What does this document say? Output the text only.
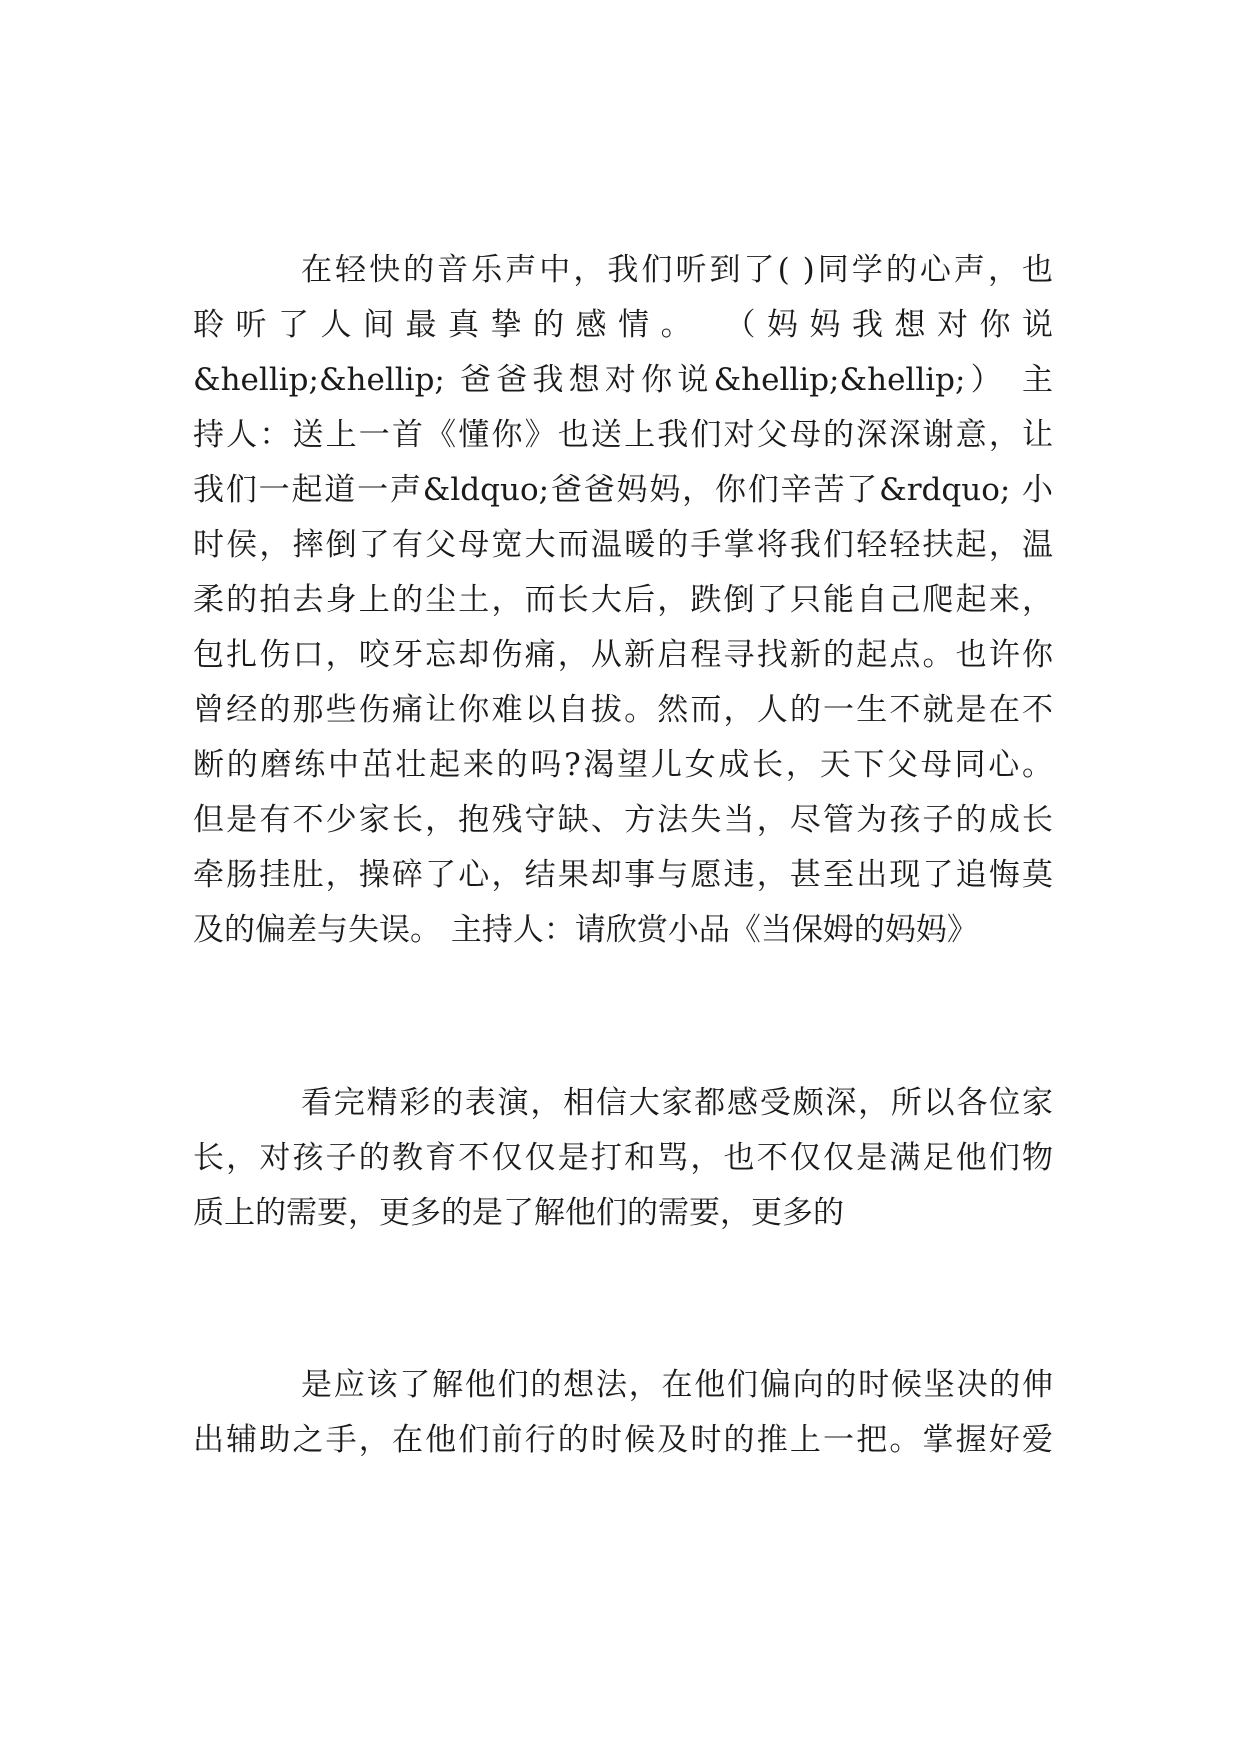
在轻快的音乐声中，我们听到了( )同学的心声，也
聆听了人间最真挚的感情。 （妈妈我想对你说
&hellip;&hellip; 爸爸我想对你说&hellip;&hellip;） 主
持人：送上一首《懂你》也送上我们对父母的深深谢意，让
我们一起道一声&ldquo;爸爸妈妈，你们辛苦了&rdquo; 小
时侯，摔倒了有父母宽大而温暖的手掌将我们轻轻扶起，温
柔的拍去身上的尘土，而长大后，跌倒了只能自己爬起来，
包扎伤口，咬牙忘却伤痛，从新启程寻找新的起点。也许你
曾经的那些伤痛让你难以自拔。然而，人的一生不就是在不
断的磨练中茁壮起来的吗?渴望儿女成长，天下父母同心。
但是有不少家长，抱残守缺、方法失当，尽管为孩子的成长
牵肠挂肚，操碎了心，结果却事与愿违，甚至出现了追悔莫
及的偏差与失误。 主持人：请欣赏小品《当保姆的妈妈》
看完精彩的表演，相信大家都感受颇深，所以各位家
长，对孩子的教育不仅仅是打和骂，也不仅仅是满足他们物
质上的需要，更多的是了解他们的需要，更多的
是应该了解他们的想法，在他们偏向的时候坚决的伸
出辅助之手，在他们前行的时候及时的推上一把。掌握好爱
